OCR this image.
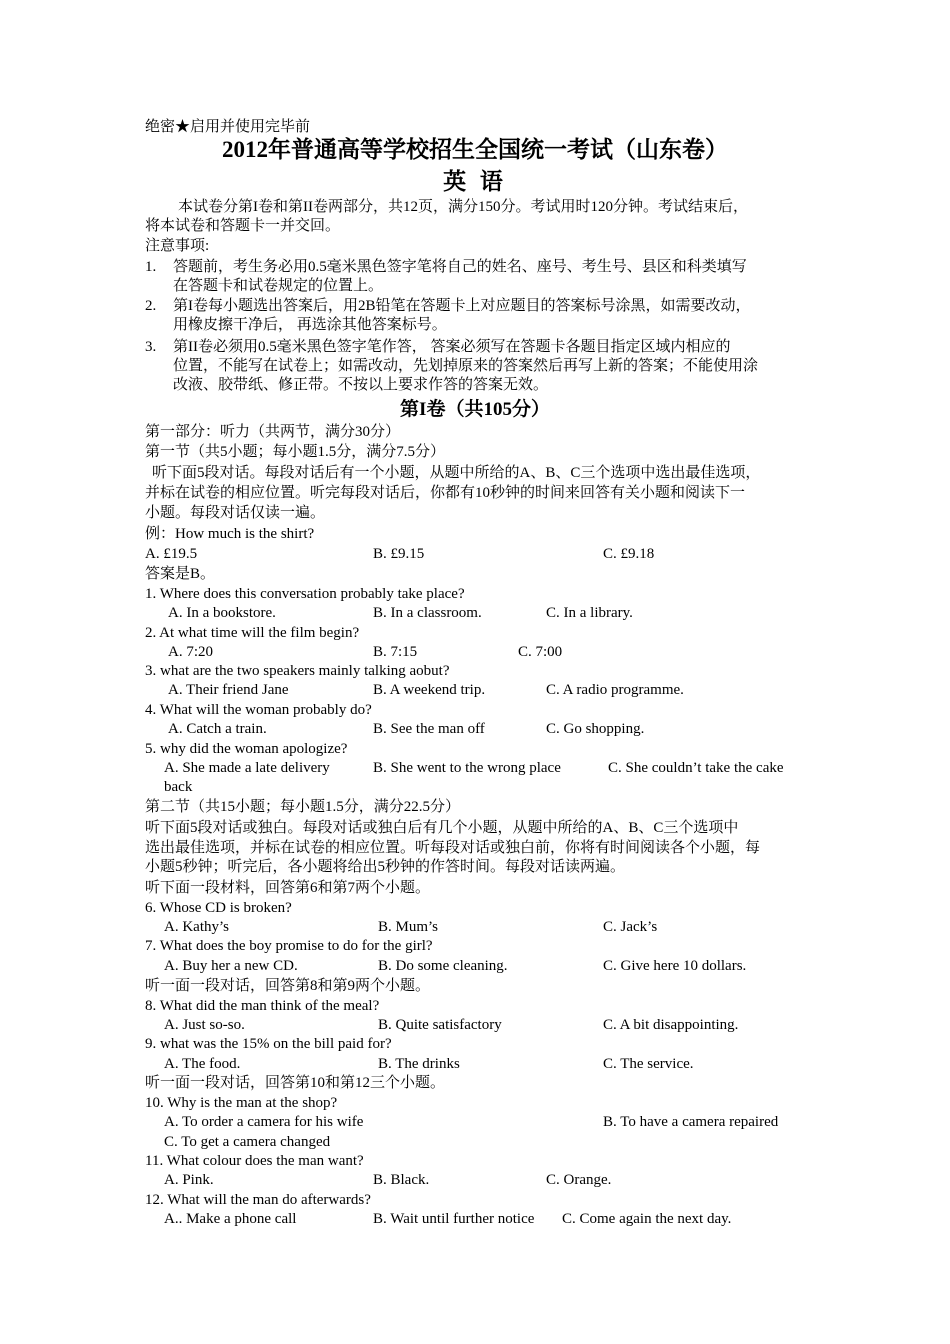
绝密★启用并使用完毕前
2012年普通高等学校招生全国统一考试（山东卷）
英 语
本试卷分第I卷和第II卷两部分，共12页，满分150分。考试用时120分钟。考试结束后，
将本试卷和答题卡一并交回。
注意事项:
1. 答题前，考生务必用0.5毫米黑色签字笔将自己的姓名、座号、考生号、县区和科类填写
在答题卡和试卷规定的位置上。
2. 第I卷每小题选出答案后，用2B铅笔在答题卡上对应题目的答案标号涂黑，如需要改动，
用橡皮擦干净后， 再选涂其他答案标号。
3. 第II卷必须用0.5毫米黑色签字笔作答， 答案必须写在答题卡各题目指定区域内相应的
位置，不能写在试卷上；如需改动，先划掉原来的答案然后再写上新的答案；不能使用涂
改液、胶带纸、修正带。不按以上要求作答的答案无效。
第I卷（共105分）
第一部分：听力（共两节，满分30分）
第一节（共5小题；每小题1.5分，满分7.5分）
听下面5段对话。每段对话后有一个小题，从题中所给的A、B、C三个选项中选出最佳选项，
并标在试卷的相应位置。听完每段对话后，你都有10秒钟的时间来回答有关小题和阅读下一
小题。每段对话仅读一遍。
例：How much is the shirt?
A. £19.5	B. £9.15	C. £9.18
答案是B。
1. Where does this conversation probably take place?
A. In a bookstore.	B. In a classroom.	C. In a library.
2. At what time will the film begin?
A. 7:20	B. 7:15	C. 7:00
3. what are the two speakers mainly talking aobut?
A. Their friend Jane	B. A weekend trip.	C. A radio programme.
4. What will the woman probably do?
A. Catch a train.	B. See the man off	C. Go shopping.
5. why did the woman apologize?
A. She made a late delivery	B. She went to the wrong place	C. She couldn’t take the cake
back
第二节（共15小题；每小题1.5分，满分22.5分）
听下面5段对话或独白。每段对话或独白后有几个小题，从题中所给的A、B、C三个选项中
选出最佳选项，并标在试卷的相应位置。听每段对话或独白前，你将有时间阅读各个小题，每
小题5秒钟；听完后，各小题将给出5秒钟的作答时间。每段对话读两遍。
听下面一段材料，回答第6和第7两个小题。
6. Whose CD is broken?
A. Kathy’s	B. Mum’s	C. Jack’s
7. What does the boy promise to do for the girl?
A. Buy her a new CD.	B. Do some cleaning.	C. Give here 10 dollars.
听一面一段对话，回答第8和第9两个小题。
8. What did the man think of the meal?
A. Just so-so.	B. Quite satisfactory	C. A bit disappointing.
9. what was the 15% on the bill paid for?
A. The food.	B. The drinks	C. The service.
听一面一段对话，回答第10和第12三个小题。
10. Why is the man at the shop?
A. To order a camera for his wife	B. To have a camera repaired
C. To get a camera changed
11. What colour does the man want?
A. Pink.	B. Black.	C. Orange.
12. What will the man do afterwards?
A.. Make a phone call	B. Wait until further notice C. Come again the next day.
